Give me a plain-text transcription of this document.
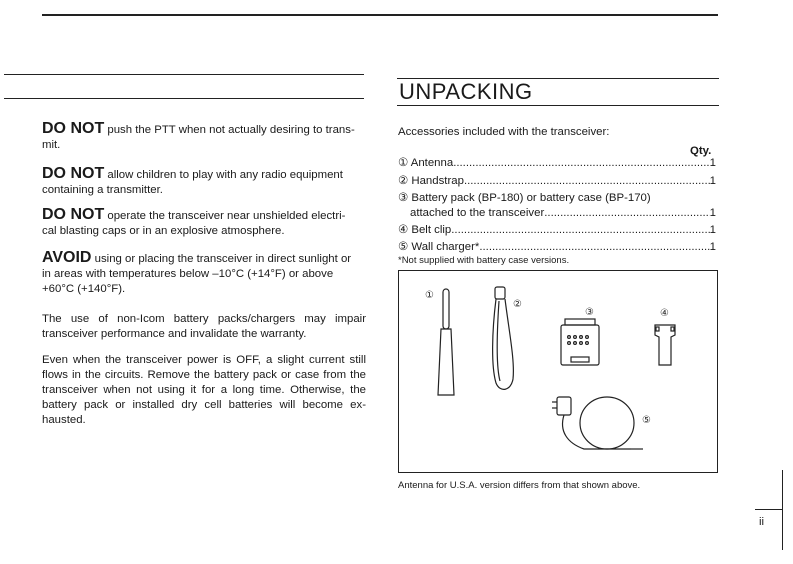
UNPACKING
DO NOT push the PTT when not actually desiring to trans-
mit.
DO NOT allow children to play with any radio equipment
containing a transmitter.
DO NOT operate the transceiver near unshielded electri-
cal blasting caps or in an explosive atmosphere.
AVOID using or placing the transceiver in direct sunlight or
in areas with temperatures below –10°C (+14°F) or above
+60°C (+140°F).
The use of non-Icom battery packs/chargers may impair transceiver performance and invalidate the warranty.
Even when the transceiver power is OFF, a slight current still flows in the circuits. Remove the battery pack or case from the transceiver when not using it for a long time. Otherwise, the battery pack or installed dry cell batteries will become ex-hausted.
Accessories included with the transceiver:
Qty.
① Antenna .....	1
② Handstrap .....	1
③ Battery pack (BP-180) or battery case (BP-170)
attached to the transceiver .....	1
④ Belt clip .....	1
⑤ Wall charger* .....	1
*Not supplied with battery case versions.
①
②
③	④
⑤
Antenna for U.S.A. version differs from that shown above.
ii
